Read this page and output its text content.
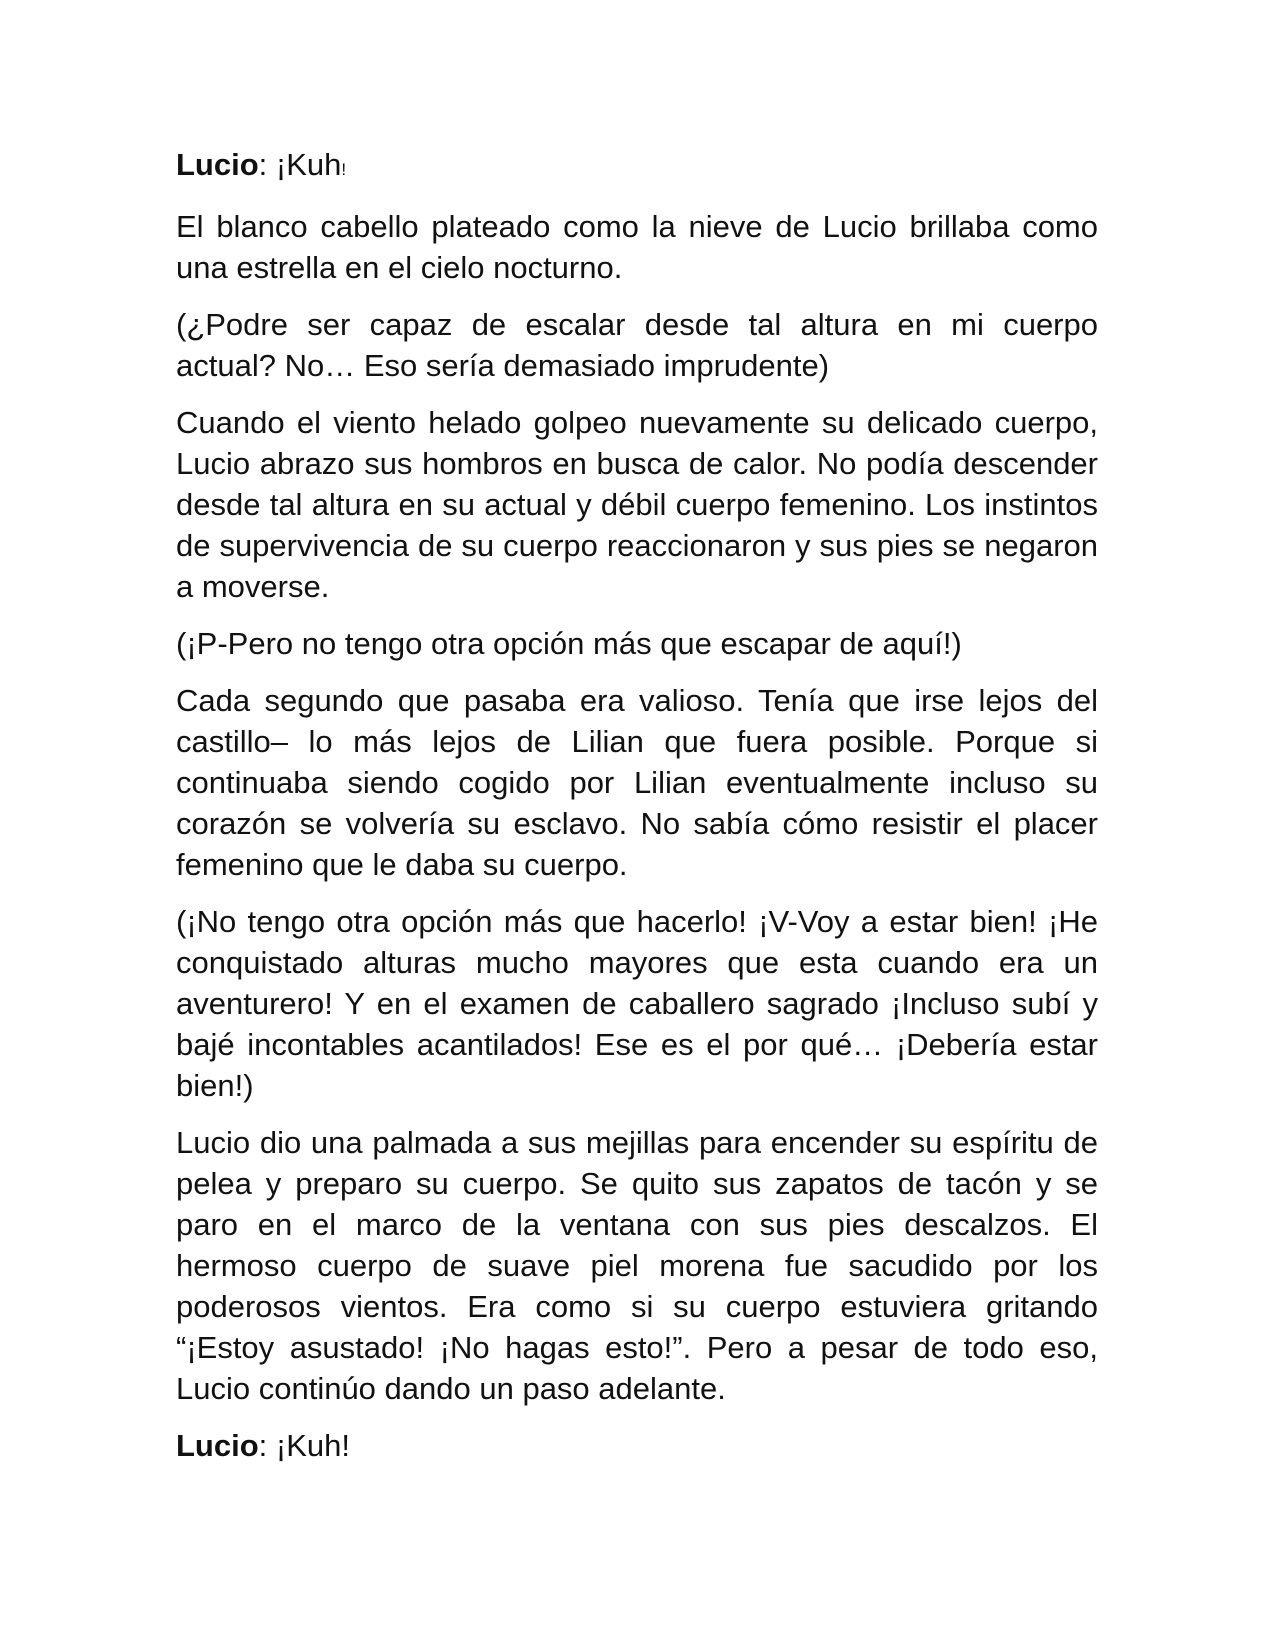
Lucio: ¡Kuh!

El blanco cabello plateado como la nieve de Lucio brillaba como una estrella en el cielo nocturno.

(¿Podre ser capaz de escalar desde tal altura en mi cuerpo actual? No… Eso sería demasiado imprudente)

Cuando el viento helado golpeo nuevamente su delicado cuerpo, Lucio abrazo sus hombros en busca de calor. No podía descender desde tal altura en su actual y débil cuerpo femenino. Los instintos de supervivencia de su cuerpo reaccionaron y sus pies se negaron a moverse.

(¡P-Pero no tengo otra opción más que escapar de aquí!)

Cada segundo que pasaba era valioso. Tenía que irse lejos del castillo– lo más lejos de Lilian que fuera posible. Porque si continuaba siendo cogido por Lilian eventualmente incluso su corazón se volvería su esclavo. No sabía cómo resistir el placer femenino que le daba su cuerpo.

(¡No tengo otra opción más que hacerlo! ¡V-Voy a estar bien! ¡He conquistado alturas mucho mayores que esta cuando era un aventurero! Y en el examen de caballero sagrado ¡Incluso subí y bajé incontables acantilados! Ese es el por qué… ¡Debería estar bien!)

Lucio dio una palmada a sus mejillas para encender su espíritu de pelea y preparo su cuerpo. Se quito sus zapatos de tacón y se paro en el marco de la ventana con sus pies descalzos. El hermoso cuerpo de suave piel morena fue sacudido por los poderosos vientos. Era como si su cuerpo estuviera gritando “¡Estoy asustado! ¡No hagas esto!”. Pero a pesar de todo eso, Lucio continúo dando un paso adelante.

Lucio: ¡Kuh!
